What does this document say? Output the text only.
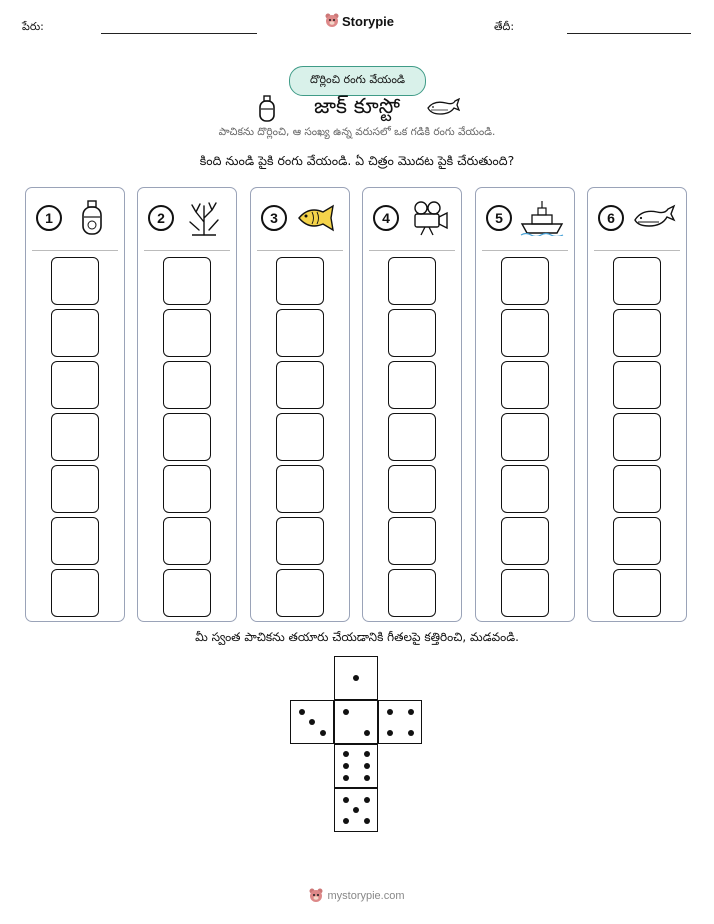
పేరు:	Storypie	తేదీ:
దొర్లించి రంగు వేయండి
జాక్ కూస్టో
పాచికను దొర్లించి, ఆ సంఖ్య ఉన్న వరుసలో ఒక గడికి రంగు వేయండి.
కింది నుండి పైకి రంగు వేయండి. ఏ చిత్రం మొదట పైకి చేరుతుంది?
1	2	3	4	5	6
మీ స్వంత పాచికను తయారు చేయడానికి గీతలపై కత్తిరించి, మడవండి.
mystorypie.com
